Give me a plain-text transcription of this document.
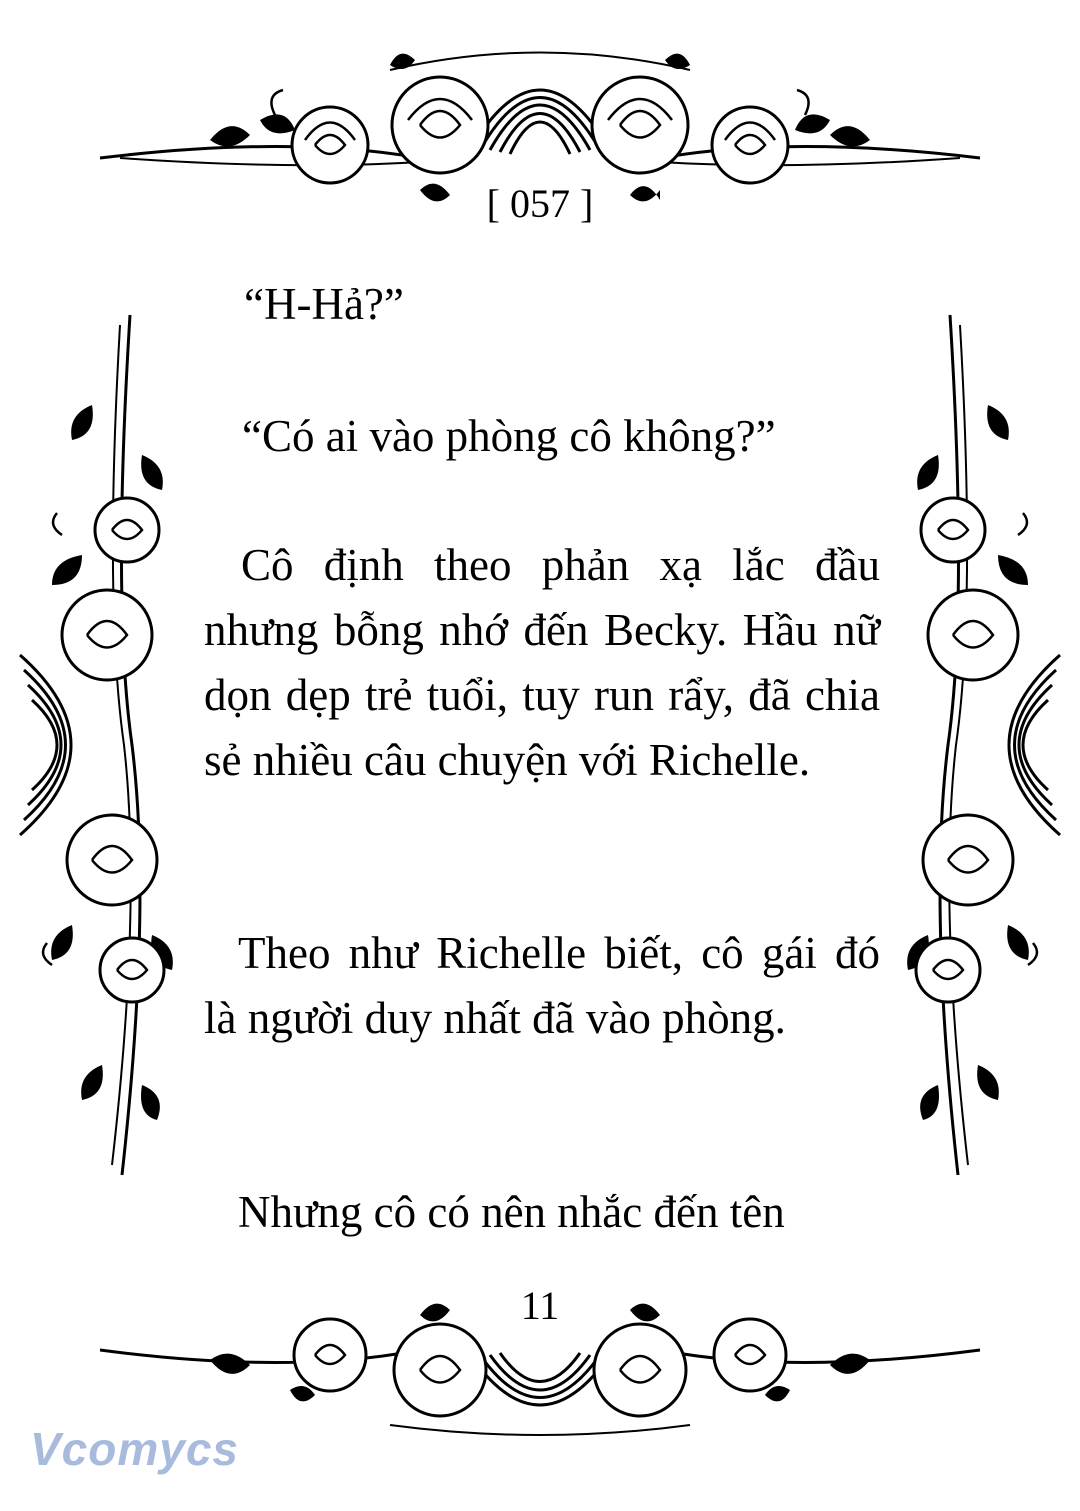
[ 057 ]

“H-Hả?”

“Có ai vào phòng cô không?”

Cô định theo phản xạ lắc đầu nhưng bỗng nhớ đến Becky. Hầu nữ dọn dẹp trẻ tuổi, tuy run rẩy, đã chia sẻ nhiều câu chuyện với Richelle.

Theo như Richelle biết, cô gái đó là người duy nhất đã vào phòng.

Nhưng cô có nên nhắc đến tên

11
Vcomycs
